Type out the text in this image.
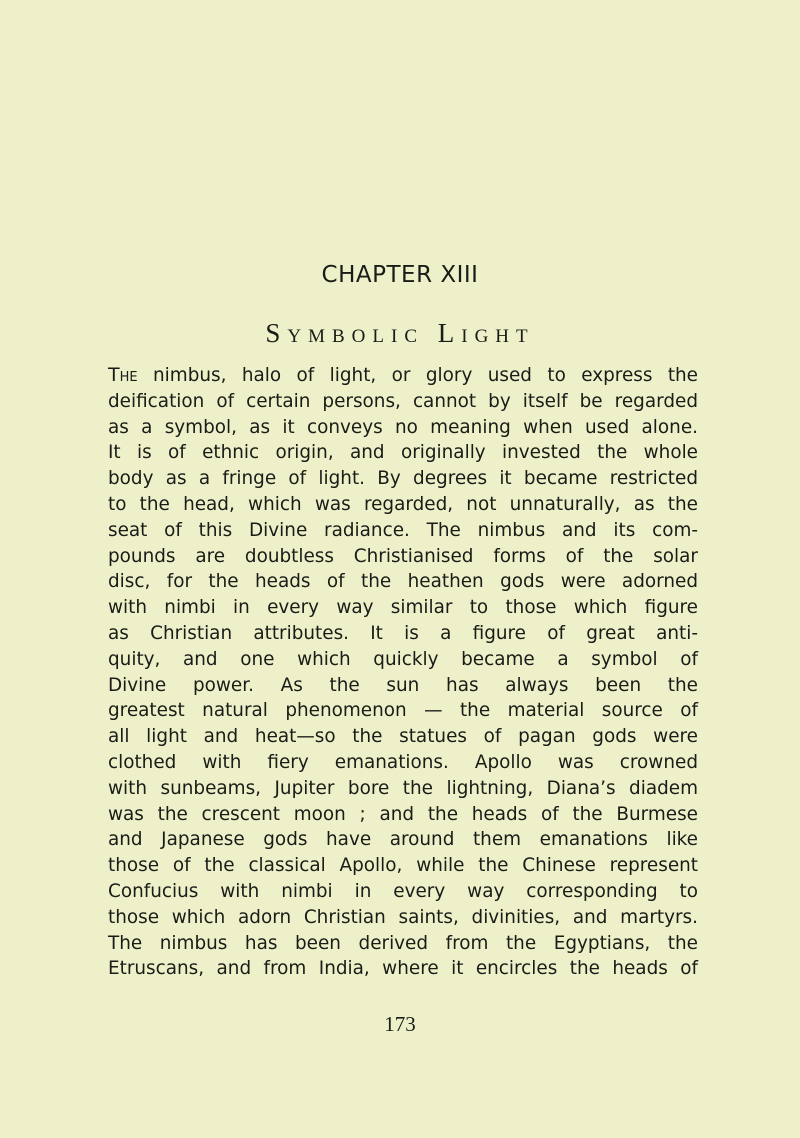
CHAPTER XIII
Symbolic Light
The nimbus, halo of light, or glory used to express the
deification of certain persons, cannot by itself be regarded
as a symbol, as it conveys no meaning when used alone.
It is of ethnic origin, and originally invested the whole
body as a fringe of light. By degrees it became restricted
to the head, which was regarded, not unnaturally, as the
seat of this Divine radiance. The nimbus and its com-
pounds are doubtless Christianised forms of the solar
disc, for the heads of the heathen gods were adorned
with nimbi in every way similar to those which figure
as Christian attributes. It is a figure of great anti-
quity, and one which quickly became a symbol of
Divine power. As the sun has always been the
greatest natural phenomenon — the material source of
all light and heat—so the statues of pagan gods were
clothed with fiery emanations. Apollo was crowned
with sunbeams, Jupiter bore the lightning, Diana’s diadem
was the crescent moon ; and the heads of the Burmese
and Japanese gods have around them emanations like
those of the classical Apollo, while the Chinese represent
Confucius with nimbi in every way corresponding to
those which adorn Christian saints, divinities, and martyrs.
The nimbus has been derived from the Egyptians, the
Etruscans, and from India, where it encircles the heads of
173
